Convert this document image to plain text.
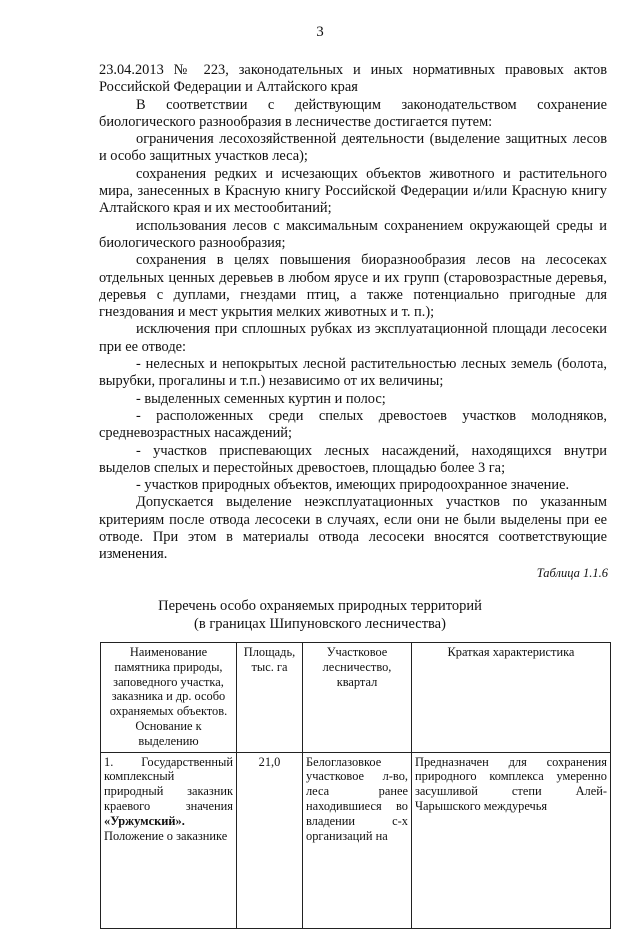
3

23.04.2013 № 223, законодательных и иных нормативных правовых актов Российской Федерации и Алтайского края

В соответствии с действующим законодательством сохранение биологического разнообразия в лесничестве достигается путем:

ограничения лесохозяйственной деятельности (выделение защитных лесов и особо защитных участков леса);

сохранения редких и исчезающих объектов животного и растительного мира, занесенных в Красную книгу Российской Федерации и/или Красную книгу Алтайского края и их местообитаний;

использования лесов с максимальным сохранением окружающей среды и биологического разнообразия;

сохранения в целях повышения биоразнообразия лесов на лесосеках отдельных ценных деревьев в любом ярусе и их групп (старовозрастные деревья, деревья с дуплами, гнездами птиц, а также потенциально пригодные для гнездования и мест укрытия мелких животных и т. п.);

исключения при сплошных рубках из эксплуатационной площади лесосеки при ее отводе:

- нелесных и непокрытых лесной растительностью лесных земель (болота, вырубки, прогалины и т.п.) независимо от их величины;

- выделенных семенных куртин и полос;

- расположенных среди спелых древостоев участков молодняков, средневозрастных насаждений;

- участков приспевающих лесных насаждений, находящихся внутри выделов спелых и перестойных древостоев, площадью более 3 га;

- участков природных объектов, имеющих природоохранное значение.

Допускается выделение неэксплуатационных участков по указанным критериям после отвода лесосеки в случаях, если они не были выделены при ее отводе. При этом в материалы отвода лесосеки вносятся соответствующие изменения.

Таблица 1.1.6
Перечень особо охраняемых природных территорий
(в границах Шипуновского лесничества)
Наименование памятника природы, заповедного участка, заказника и др. особо охраняемых объектов. Основание к выделению	Площадь, тыс. га	Участковое лесничество, квартал	Краткая характеристика

1. Государственный комплексный природный заказник краевого значения «Уржумский». Положение о заказнике	21,0	Белоглазовкое участковое л-во, леса ранее находившиеся во владении с-х организаций на	Предназначен для сохранения природного комплекса умеренно засушливой степи Алей-Чарышского междуречья
